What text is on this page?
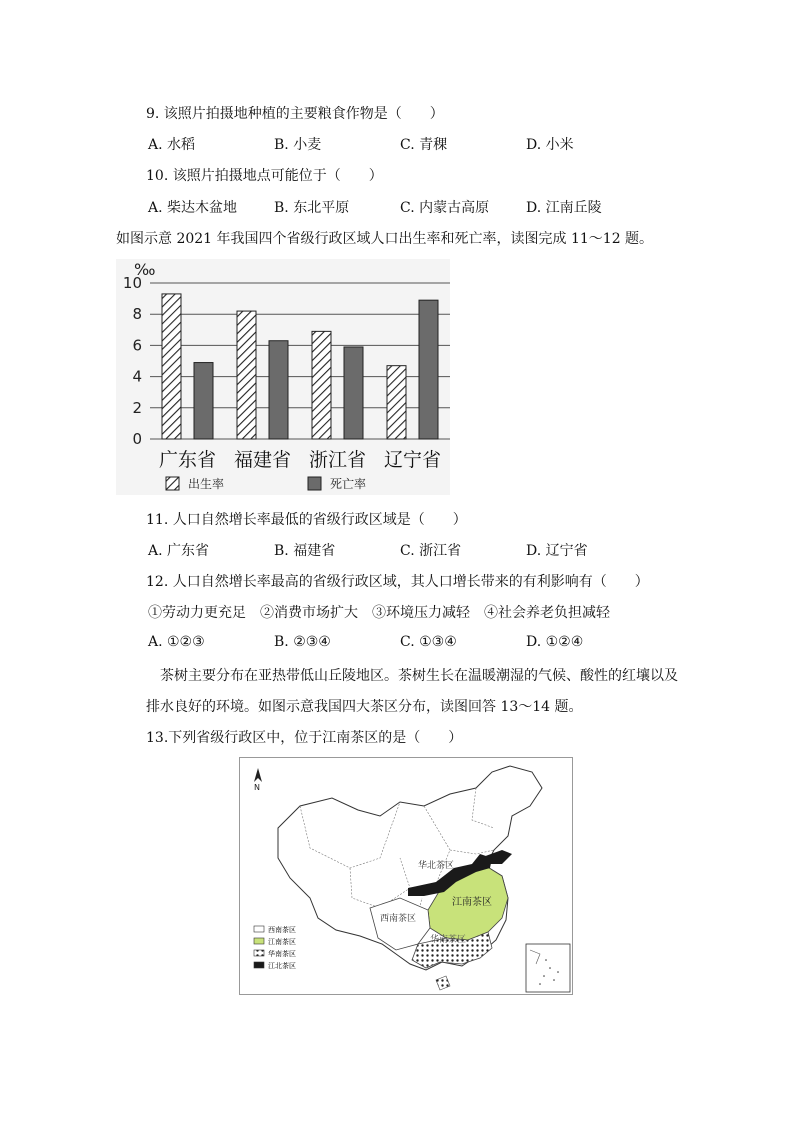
9. 该照片拍摄地种植的主要粮食作物是（　　）
A. 水稻	B. 小麦	C. 青稞	D. 小米
10. 该照片拍摄地点可能位于（　　）
A. 柴达木盆地	B. 东北平原	C. 内蒙古高原	D. 江南丘陵
如图示意 2021 年我国四个省级行政区域人口出生率和死亡率，读图完成 11～12 题。
0
2
4
6
8
10
广东省 福建省 浙江省 辽宁省
‰
出生率	死亡率
11. 人口自然增长率最低的省级行政区域是（　　）
A. 广东省	B. 福建省	C. 浙江省	D. 辽宁省
12. 人口自然增长率最高的省级行政区域，其人口增长带来的有利影响有（　　）
①劳动力更充足　②消费市场扩大　③环境压力减轻　④社会养老负担减轻
A. ①②③	B. ②③④	C. ①③④	D. ①②④
茶树主要分布在亚热带低山丘陵地区。茶树生长在温暖潮湿的气候、酸性的红壤以及
排水良好的环境。如图示意我国四大茶区分布，读图回答 13～14 题。
13.下列省级行政区中，位于江南茶区的是（　　）
N
华北茶区
江南茶区
西南茶区
华南茶区
西南茶区
江南茶区
华南茶区
江北茶区
